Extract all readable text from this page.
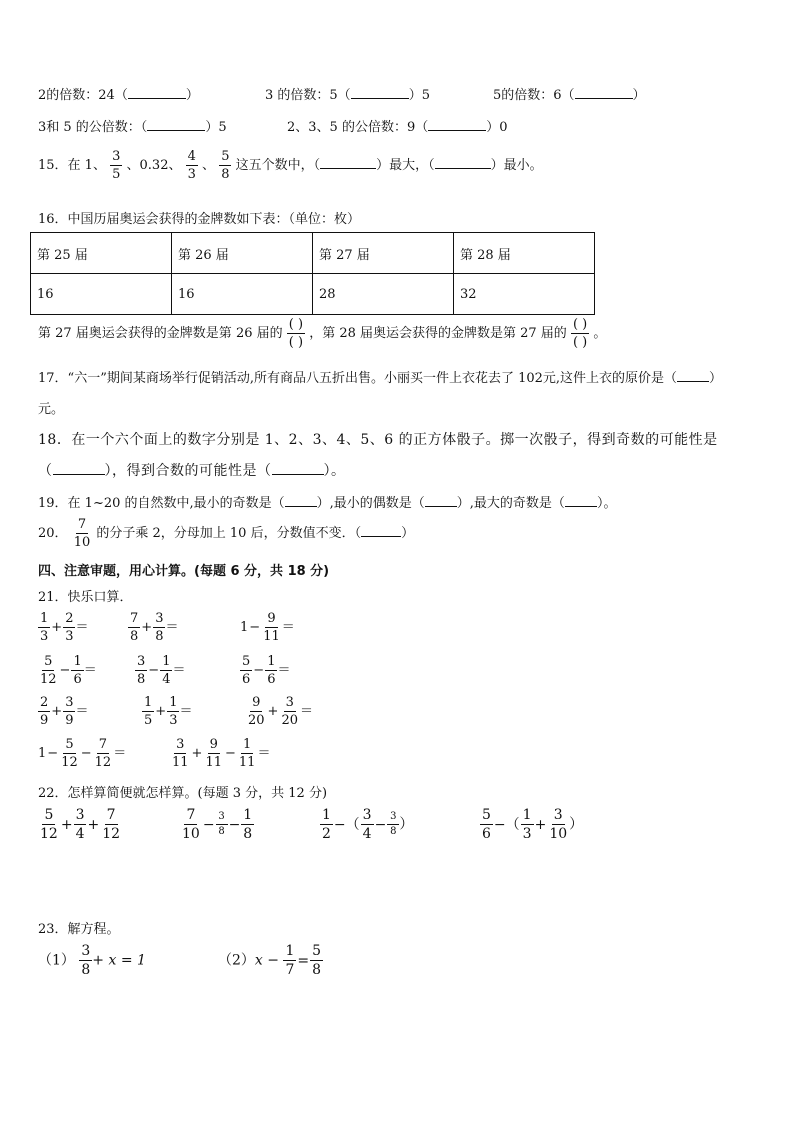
2的倍数：24（	）	3 的倍数：5（	）5	5的倍数：6（	）
3和 5 的公倍数：（	）5	2、3、5 的公倍数：9（	）0
15．在 1、 $\frac{3}{5}$ 、0.32、 $\frac{4}{3}$ 、 $\frac{5}{8}$ 这五个数中，（	）最大，（	）最小。
16．中国历届奥运会获得的金牌数如下表：（单位：枚）
第 25 届	第 26 届	第 27 届	第 28 届
16	16	28	32
第 27 届奥运会获得的金牌数是第 26 届的 $\frac{( )}{( )}$ ，第 28 届奥运会获得的金牌数是第 27 届的 $\frac{( )}{( )}$ 。
17．“六一”期间某商场举行促销活动,所有商品八五折出售。小丽买一件上衣花去了 102元,这件上衣的原价是（ ）
元。
18．在一个六个面上的数字分别是 1、2、3、4、5、6 的正方体骰子。掷一次骰子，得到奇数的可能性是
（	），得到合数的可能性是（	）。
19．在 1~20 的自然数中,最小的奇数是（ ）,最小的偶数是（ ）,最大的奇数是（ ）。
20． $\frac{7}{10}$ 的分子乘 2，分母加上 10 后，分数值不变．（	）
四、注意审题，用心计算。(每题 6 分，共 18 分)
21．快乐口算．
$\frac{1}{3} + \frac{2}{3}$ ＝	$\frac{7}{8} + \frac{3}{8}$ ＝	$1- \frac{9}{11}$ ＝
$\frac{5}{12} - \frac{1}{6}$ ＝	$\frac{3}{8} - \frac{1}{4}$ ＝	$\frac{5}{6} - \frac{1}{6}$ ＝
$\frac{2}{9} + \frac{3}{9}$ ＝	$\frac{1}{5} + \frac{1}{3}$ ＝	$\frac{9}{20} + \frac{3}{20}$ ＝
$1- \frac{5}{12} - \frac{7}{12}$ ＝	$\frac{3}{11} + \frac{9}{11} - \frac{1}{11}$ ＝
22．怎样算简便就怎样算。(每题 3 分，共 12 分)
$\frac{5}{12} + \frac{3}{4} + \frac{7}{12}$	$\frac{7}{10} - \frac{3}{8} - \frac{1}{8}$	$\frac{1}{2}$ −（ $\frac{3}{4} - \frac{3}{8}$ ）	$\frac{5}{6}$ −（ $\frac{1}{3} + \frac{3}{10}$ ）
23．解方程。
$(1) \frac{3}{8} + x = 1$	$(2)x - \frac{1}{7} = \frac{5}{8}$
